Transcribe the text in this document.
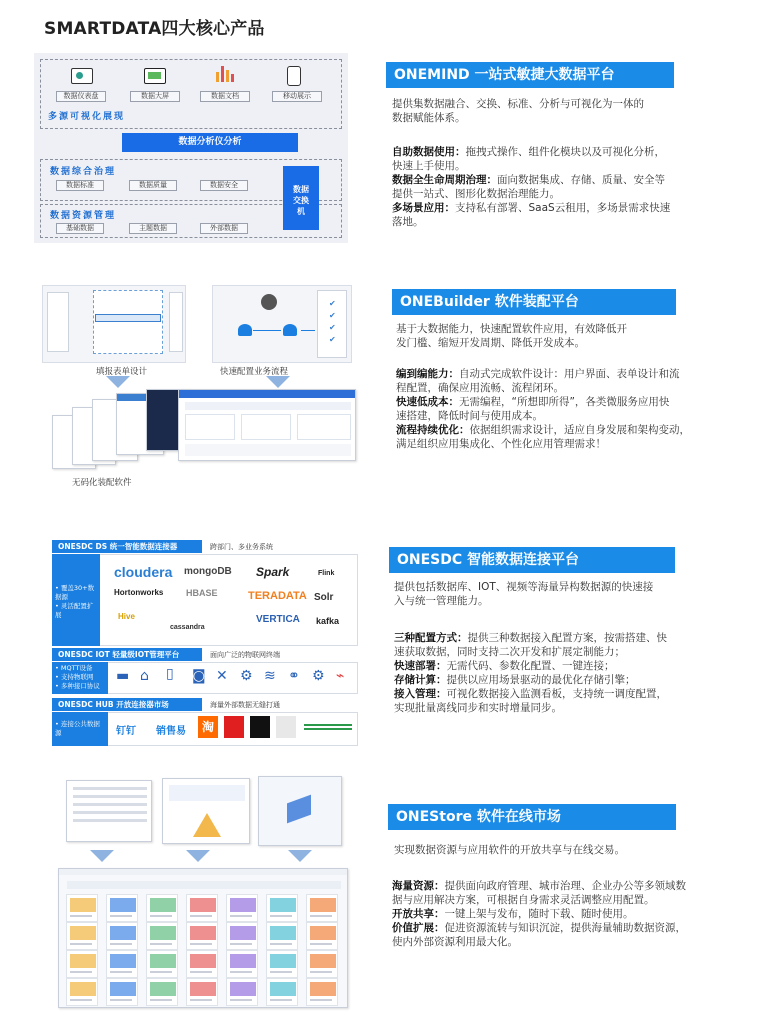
SMARTDATA四大核心产品
数据仪表盘	数据大屏	数据文档	移动展示
多源可视化展现
数据分析仪分析
数据综合治理
数据标准	数据质量	数据安全
数据资源管理
基础数据	主题数据	外部数据
数据交换机
ONEMIND 一站式敏捷大数据平台
提供集数据融合、交换、标准、分析与可视化为一体的
数据赋能体系。

自助数据使用：拖拽式操作、组件化模块以及可视化分析，

快速上手使用。

数据全生命周期治理：面向数据集成、存储、质量、安全等

提供一站式、图形化数据治理能力。

多场景应用：支持私有部署、SaaS云租用，多场景需求快速

落地。

填报表单设计
✔
✔
✔
✔
快速配置业务流程
无码化装配软件
ONEBuilder 软件装配平台
基于大数据能力，快速配置软件应用，有效降低开
发门槛、缩短开发周期、降低开发成本。

编到编能力：自动式完成软件设计：用户界面、表单设计和流

程配置，确保应用流畅、流程闭环。

快速低成本：无需编程，“所想即所得”，各类微服务应用快

速搭建，降低时间与使用成本。

流程持续优化：依据组织需求设计，适应自身发展和架构变动，

满足组织应用集成化、个性化应用管理需求！

ONESDC DS 统一智能数据连接器	跨部门、多业务系统
• 覆盖30+数据源
• 灵活配置扩展
cloudera mongoDB Spark	Flink
Hortonworks	HBASE	TERADATA Solr
Hive
cassandra
VERTICA kafka
ONESDC IOT 轻量级IOT管理平台	面向广泛的物联网终端
• MQTT设备
• 支持物联网
• 多种接口协议
▬ ⌂ ▯ ◙ ✕ ⚙ ≋ ⚭ ⚙ ⌁
ONESDC HUB 开放连接器市场	海量外部数据无缝打通
• 连接公共数据源	钉钉 销售易	淘
ONESDC 智能数据连接平台
提供包括数据库、IOT、视频等海量异构数据源的快速接
入与统一管理能力。

三种配置方式：提供三种数据接入配置方案，按需搭建、快

速获取数据，同时支持二次开发和扩展定制能力；

快速部署：无需代码、参数化配置、一键连接；

存储计算：提供以应用场景驱动的最优化存储引擎；

接入管理：可视化数据接入监测看板，支持统一调度配置，

实现批量离线同步和实时增量同步。

ONEStore 软件在线市场
实现数据资源与应用软件的开放共享与在线交易。

海量资源：提供面向政府管理、城市治理、企业办公等多领域数

据与应用解决方案，可根据自身需求灵活调整应用配置。

开放共享：一键上架与发布，随时下载、随时使用。

价值扩展：促进资源流转与知识沉淀，提供海量辅助数据资源，

使内外部资源利用最大化。
